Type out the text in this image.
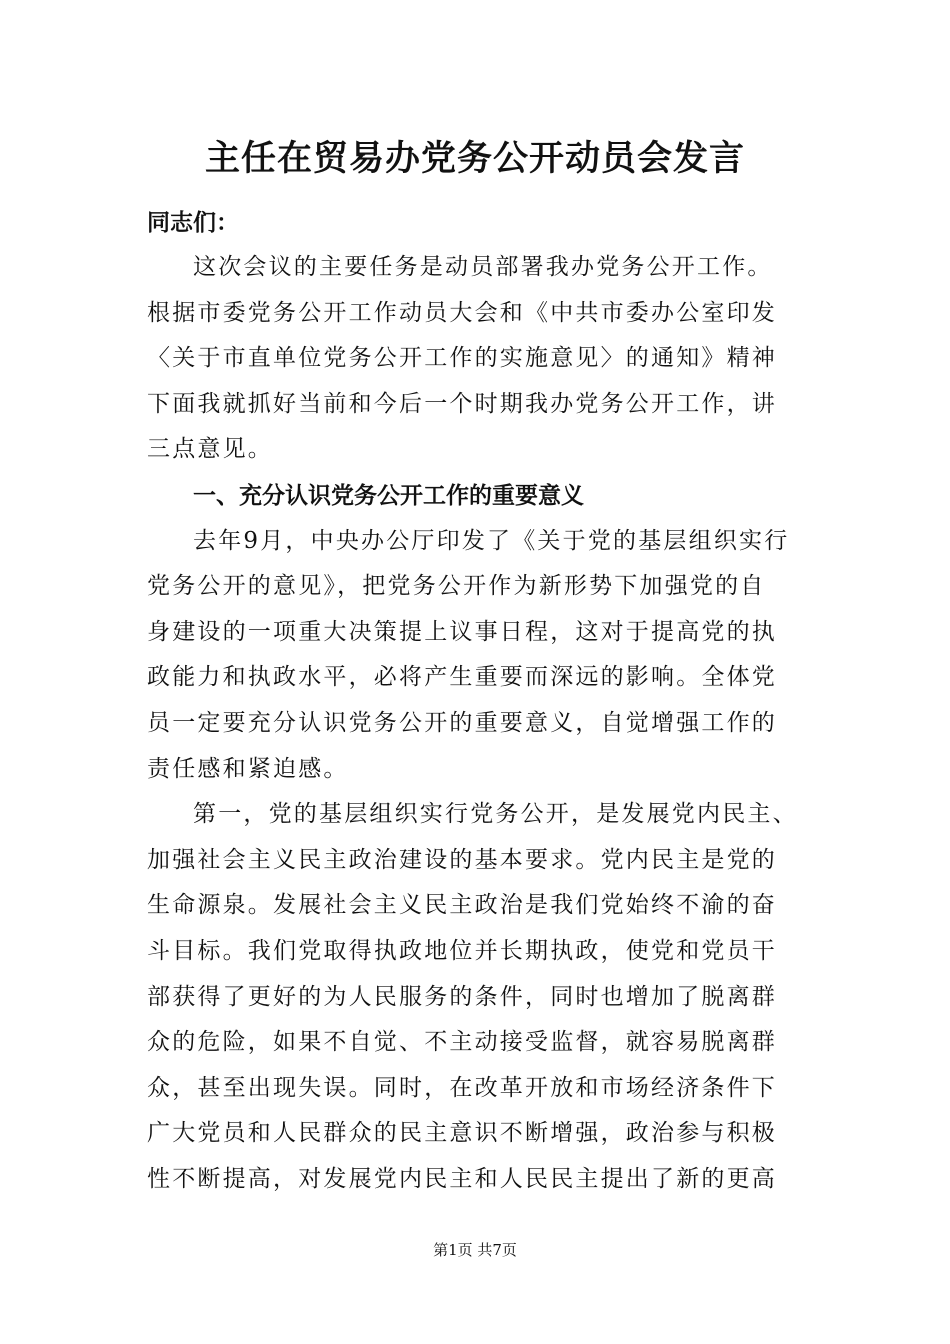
主任在贸易办党务公开动员会发言

同志们：

这次会议的主要任务是动员部署我办党务公开工作。
根据市委党务公开工作动员大会和《中共市委办公室印发
〈关于市直单位党务公开工作的实施意见〉的通知》精神
下面我就抓好当前和今后一个时期我办党务公开工作，讲
三点意见。

一、充分认识党务公开工作的重要意义

去年9月，中央办公厅印发了《关于党的基层组织实行
党务公开的意见》，把党务公开作为新形势下加强党的自
身建设的一项重大决策提上议事日程，这对于提高党的执
政能力和执政水平，必将产生重要而深远的影响。全体党
员一定要充分认识党务公开的重要意义，自觉增强工作的
责任感和紧迫感。

第一，党的基层组织实行党务公开，是发展党内民主、
加强社会主义民主政治建设的基本要求。党内民主是党的
生命源泉。发展社会主义民主政治是我们党始终不渝的奋
斗目标。我们党取得执政地位并长期执政，使党和党员干
部获得了更好的为人民服务的条件，同时也增加了脱离群
众的危险，如果不自觉、不主动接受监督，就容易脱离群
众，甚至出现失误。同时，在改革开放和市场经济条件下
广大党员和人民群众的民主意识不断增强，政治参与积极
性不断提高，对发展党内民主和人民民主提出了新的更高

第1页 共7页
